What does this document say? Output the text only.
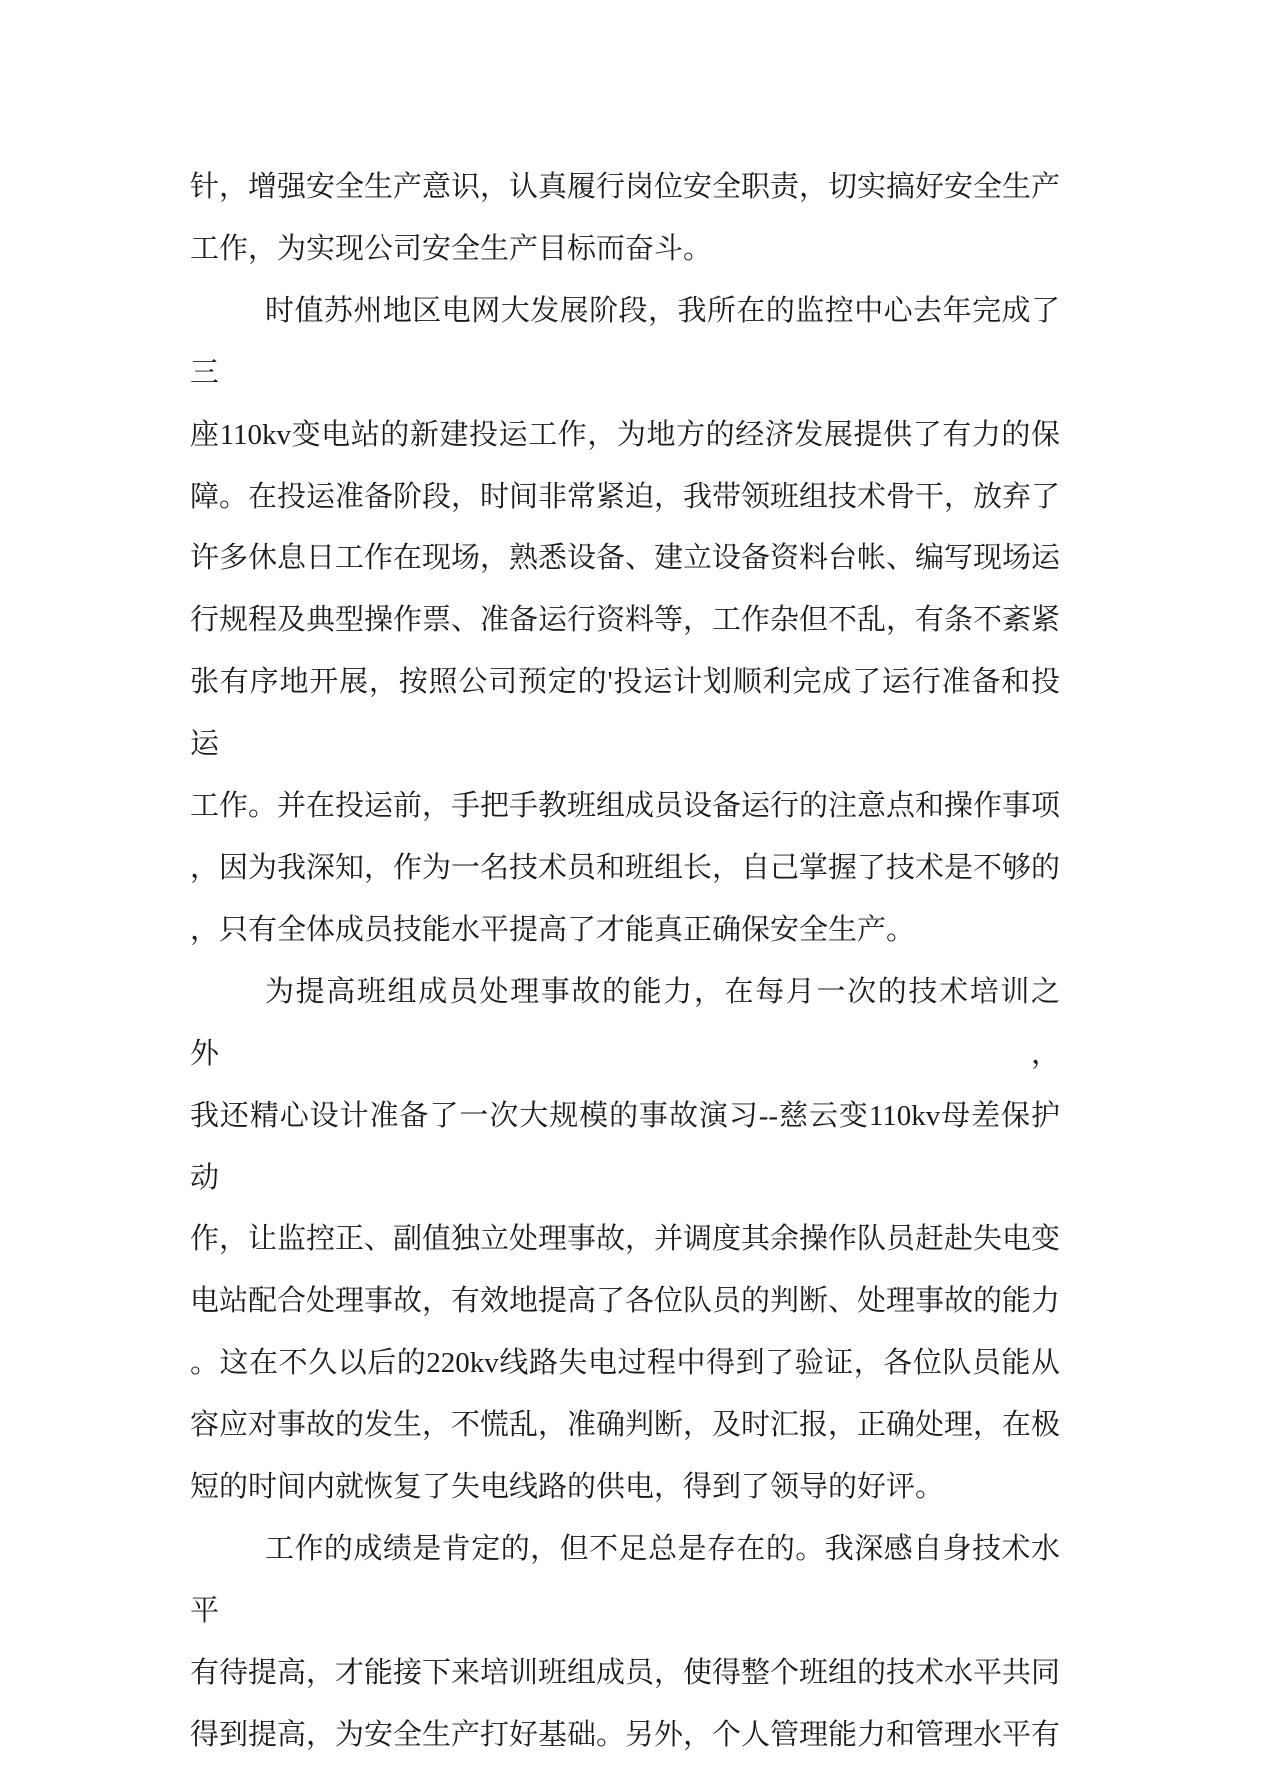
针，增强安全生产意识，认真履行岗位安全职责，切实搞好安全生产
工作，为实现公司安全生产目标而奋斗。
时值苏州地区电网大发展阶段，我所在的监控中心去年完成了三
座110kv变电站的新建投运工作，为地方的经济发展提供了有力的保
障。在投运准备阶段，时间非常紧迫，我带领班组技术骨干，放弃了
许多休息日工作在现场，熟悉设备、建立设备资料台帐、编写现场运
行规程及典型操作票、准备运行资料等，工作杂但不乱，有条不紊紧
张有序地开展，按照公司预定的'投运计划顺利完成了运行准备和投运
工作。并在投运前，手把手教班组成员设备运行的注意点和操作事项
，因为我深知，作为一名技术员和班组长，自己掌握了技术是不够的
，只有全体成员技能水平提高了才能真正确保安全生产。
为提高班组成员处理事故的能力，在每月一次的技术培训之外，
我还精心设计准备了一次大规模的事故演习--慈云变110kv母差保护动
作，让监控正、副值独立处理事故，并调度其余操作队员赶赴失电变
电站配合处理事故，有效地提高了各位队员的判断、处理事故的能力
。这在不久以后的220kv线路失电过程中得到了验证，各位队员能从
容应对事故的发生，不慌乱，准确判断，及时汇报，正确处理，在极
短的时间内就恢复了失电线路的供电，得到了领导的好评。
工作的成绩是肯定的，但不足总是存在的。我深感自身技术水平
有待提高，才能接下来培训班组成员，使得整个班组的技术水平共同
得到提高，为安全生产打好基础。另外，个人管理能力和管理水平有
